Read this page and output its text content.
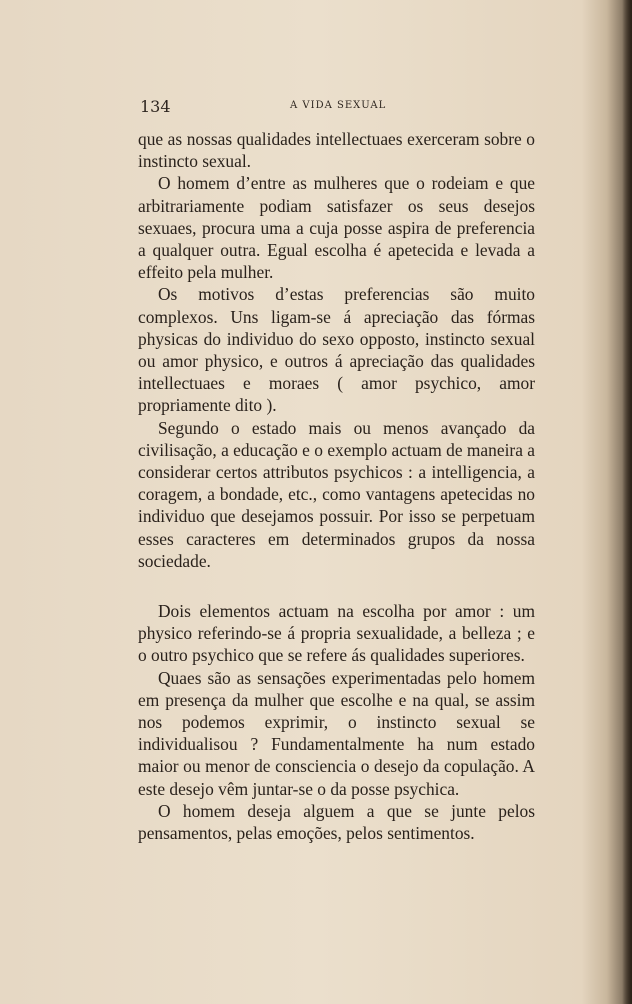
134	A VIDA SEXUAL

que as nossas qualidades intellectuaes exerceram sobre o instincto sexual.

O homem d’entre as mulheres que o rodeiam e que arbitrariamente podiam satisfazer os seus desejos sexuaes, procura uma a cuja posse aspira de preferencia a qualquer outra. Egual escolha é apetecida e levada a effeito pela mulher.

Os motivos d’estas preferencias são muito complexos. Uns ligam-se á apreciação das fórmas physicas do individuo do sexo opposto, instincto sexual ou amor physico, e outros á apreciação das qualidades intellectuaes e moraes ( amor psychico, amor propriamente dito ).

Segundo o estado mais ou menos avançado da civilisação, a educação e o exemplo actuam de maneira a considerar certos attributos psychicos : a intelligencia, a coragem, a bondade, etc., como vantagens apetecidas no individuo que desejamos possuir. Por isso se perpetuam esses caracteres em determinados grupos da nossa sociedade.

Dois elementos actuam na escolha por amor : um physico referindo-se á propria sexualidade, a belleza ; e o outro psychico que se refere ás qualidades superiores.

Quaes são as sensações experimentadas pelo homem em presença da mulher que escolhe e na qual, se assim nos podemos exprimir, o instincto sexual se individualisou ? Fundamentalmente ha num estado maior ou menor de consciencia o desejo da copulação. A este desejo vêm juntar-se o da posse psychica.

O homem deseja alguem a que se junte pelos pensamentos, pelas emoções, pelos sentimentos.
